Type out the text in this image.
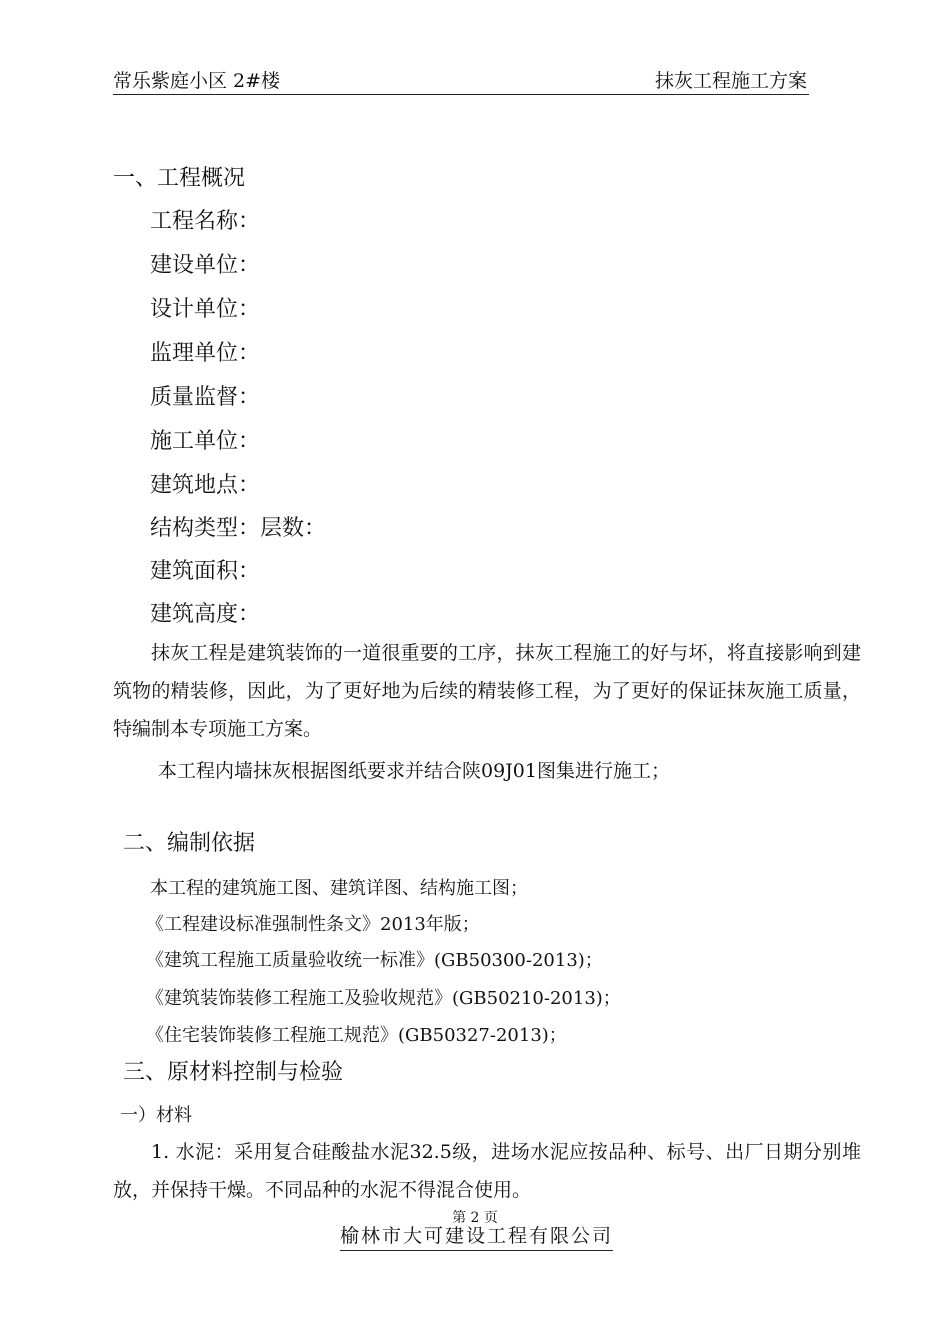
常乐紫庭小区 2#楼	抹灰工程施工方案
一、工程概况
工程名称：
建设单位：
设计单位：
监理单位：
质量监督：
施工单位：
建筑地点：
结构类型：层数：
建筑面积：
建筑高度：
抹灰工程是建筑装饰的一道很重要的工序，抹灰工程施工的好与坏，将直接影响到建筑物的精装修，因此，为了更好地为后续的精装修工程，为了更好的保证抹灰施工质量，特编制本专项施工方案。
本工程内墙抹灰根据图纸要求并结合陕09J01图集进行施工；
二、编制依据
本工程的建筑施工图、建筑详图、结构施工图；
《工程建设标准强制性条文》2013年版；
《建筑工程施工质量验收统一标准》(GB50300-2013)；
《建筑装饰装修工程施工及验收规范》(GB50210-2013)；
《住宅装饰装修工程施工规范》(GB50327-2013)；
三、原材料控制与检验
一）材料
1. 水泥：采用复合硅酸盐水泥32.5级，进场水泥应按品种、标号、出厂日期分别堆放，并保持干燥。不同品种的水泥不得混合使用。
第 2 页
榆林市大可建设工程有限公司
